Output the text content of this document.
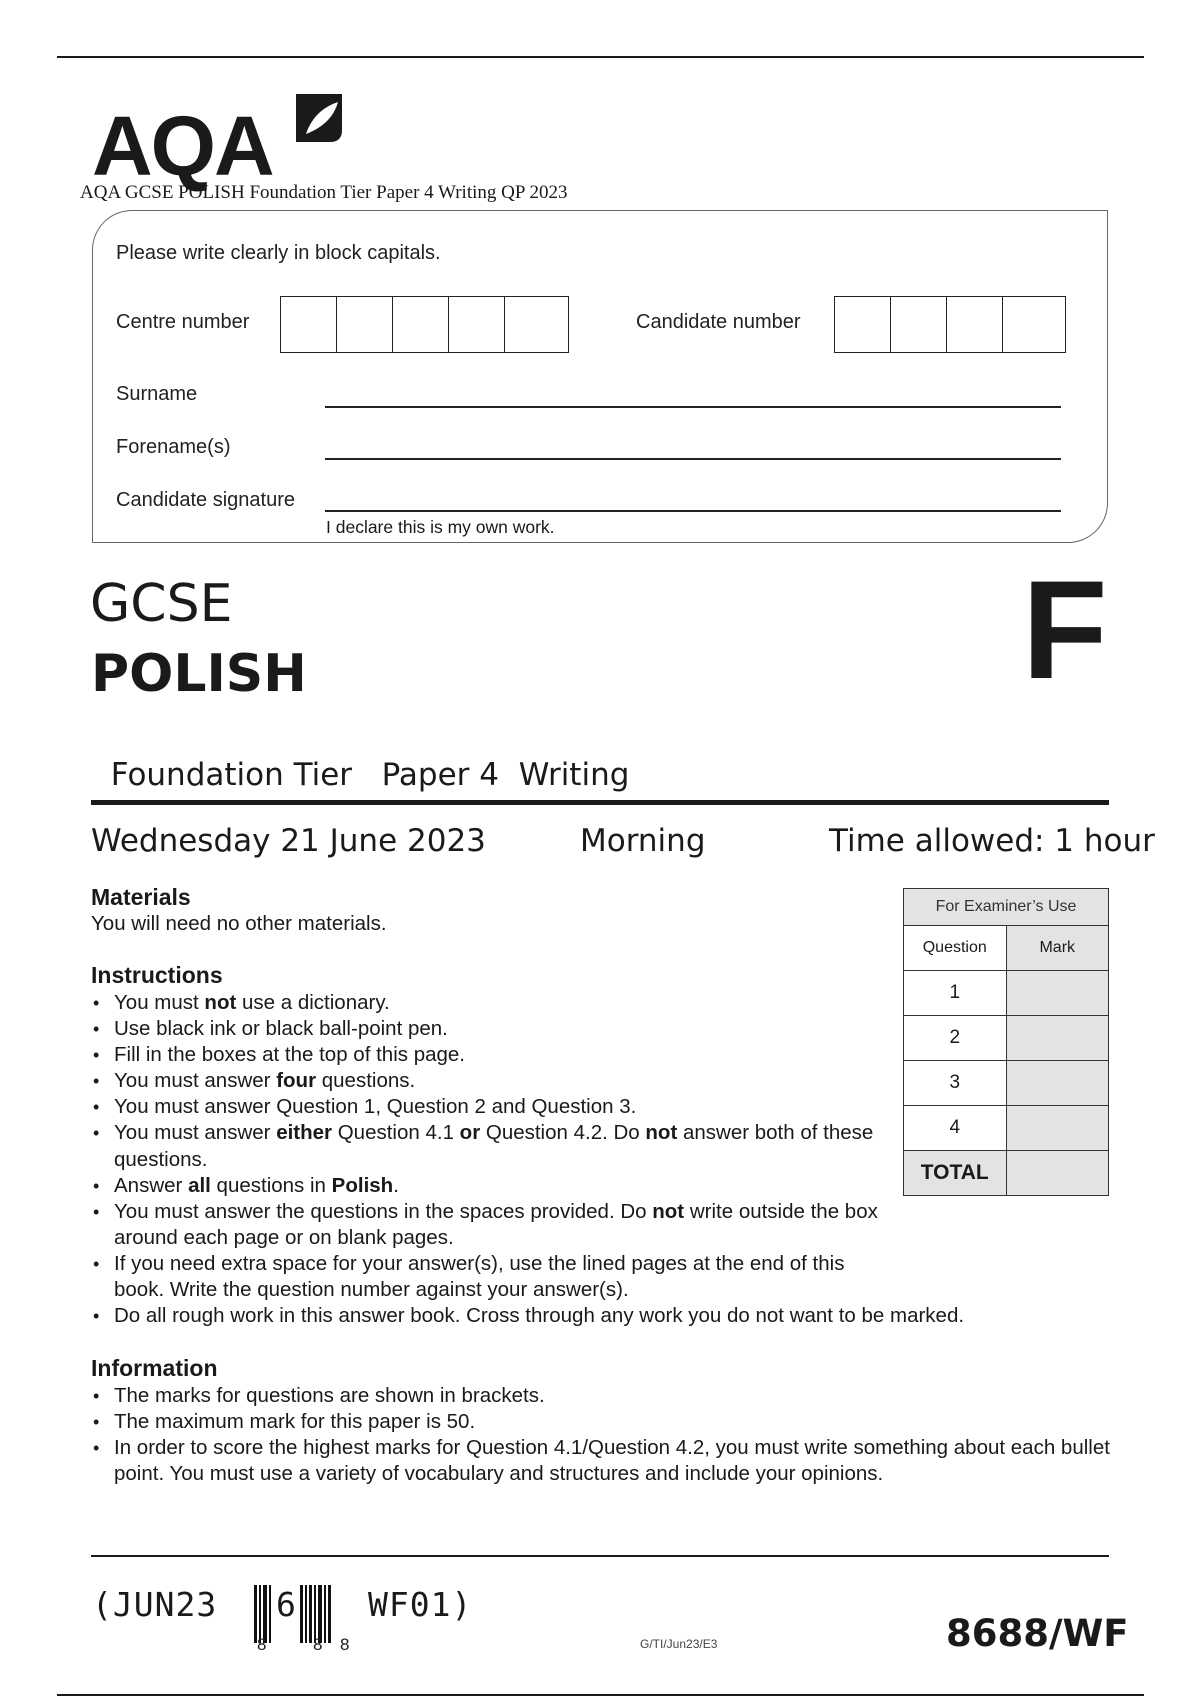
AQA
AQA GCSE POLISH Foundation Tier Paper 4 Writing QP 2023
Please write clearly in block capitals.
Centre number	Candidate number
Surname
Forename(s)
Candidate signature
I declare this is my own work.
GCSE
POLISH	F

Foundation Tier Paper 4 Writing

Wednesday 21 June 2023	Morning	Time allowed: 1 hour
Materials
You will need no other materials.
Instructions
• You must not use a dictionary.
• Use black ink or black ball-point pen.
• Fill in the boxes at the top of this page.
• You must answer four questions.
• You must answer Question 1, Question 2 and Question 3.
• You must answer either Question 4.1 or Question 4.2. Do not answer both of these questions.
• Answer all questions in Polish.
• You must answer the questions in the spaces provided. Do not write outside the box around each page or on blank pages.
• If you need extra space for your answer(s), use the lined pages at the end of this book. Write the question number against your answer(s).
• Do all rough work in this answer book. Cross through any work you do not want to be marked.
Information
• The marks for questions are shown in brackets.
• The maximum mark for this paper is 50.
• In order to score the highest marks for Question 4.1/Question 4.2, you must write something about each bullet point. You must use a variety of vocabulary and structures and include your opinions.
For Examiner’s Use	
Question	Mark
1	
2	
3	
4	
TOTAL	
(JUN23 6 WF01)
8	8 8	G/TI/Jun23/E3	8688/WF
